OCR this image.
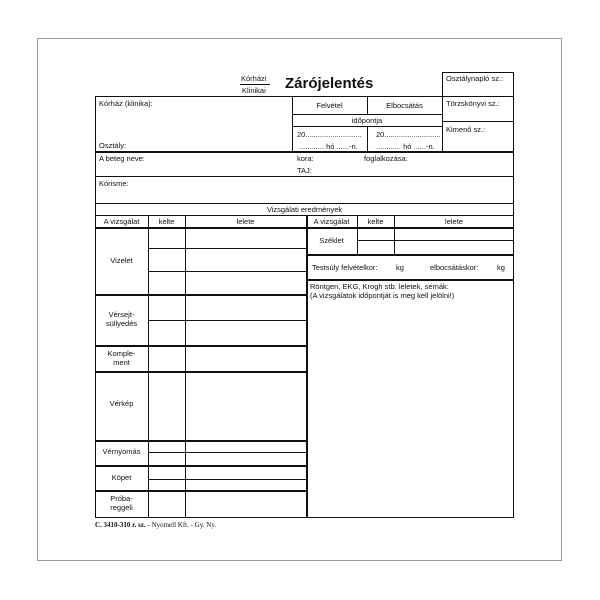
Kórházi
Klinikai Zárójelentés	Osztálynapló sz.:
Törzskönyvi sz.:
Kimenő sz.:
Kórház (klinika):
Osztály:
Felvétel	Elbocsátás
időpontja
20........................... 20...........................
............ hó ......-n. ............ hó ......-n.
A beteg neve:	kora:	foglalkozása:
TAJ:
Kórisme:
Vizsgálati eredmények
A vizsgálat	kelte	lelete	A vizsgálat	kelte	lelete
Vizelet
Vérsejt-
süllyedés
Komple-
ment
Vérkép
Vérnyomás
Köpet
Próba-
reggeli
Széklet
Testsúly felvételkor: kg	elbocsátáskor: kg
Röntgen, EKG, Krogh stb. leletek, sémák:
(A vizsgálatok időpontját is meg kell jelölni!)
C. 3410-310 r. sz. - Nyomell Kft. - Gy. Ny.
